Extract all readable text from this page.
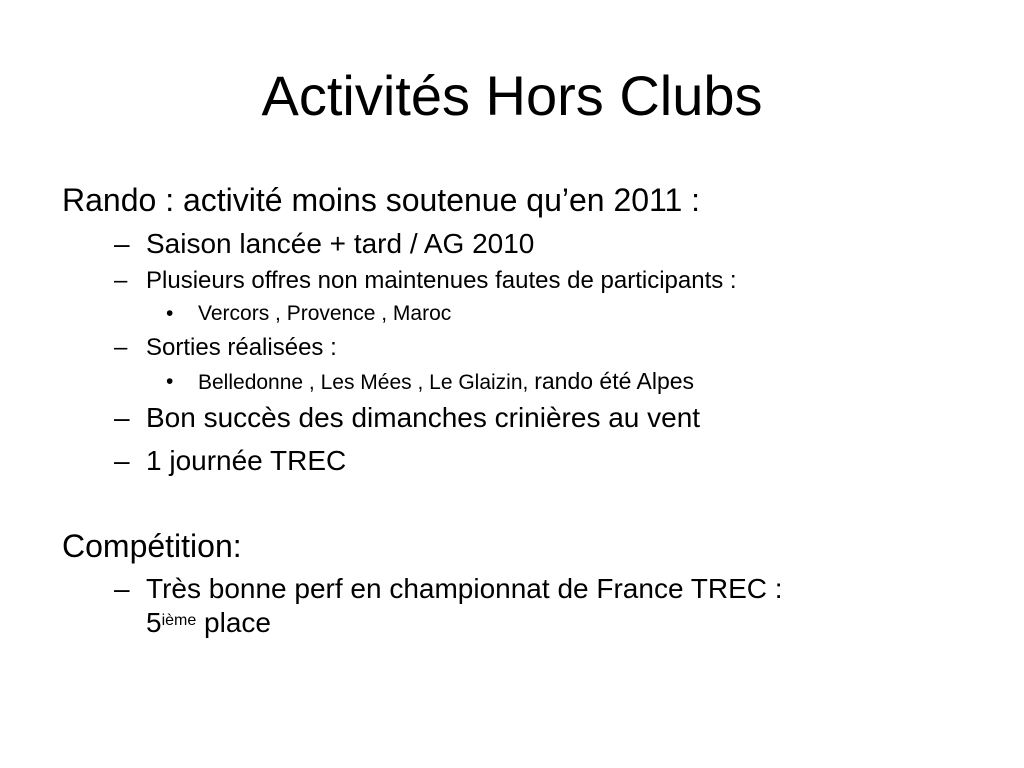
Activités Hors Clubs
Rando : activité moins soutenue qu’en 2011 :
– Saison lancée + tard / AG 2010
– Plusieurs offres non maintenues fautes de participants :
• Vercors , Provence , Maroc
– Sorties réalisées :
• Belledonne , Les Mées , Le Glaizin, rando été Alpes
– Bon succès des dimanches crinières au vent
– 1 journée TREC
Compétition:
– Très bonne perf en championnat de France TREC :
5ième place
